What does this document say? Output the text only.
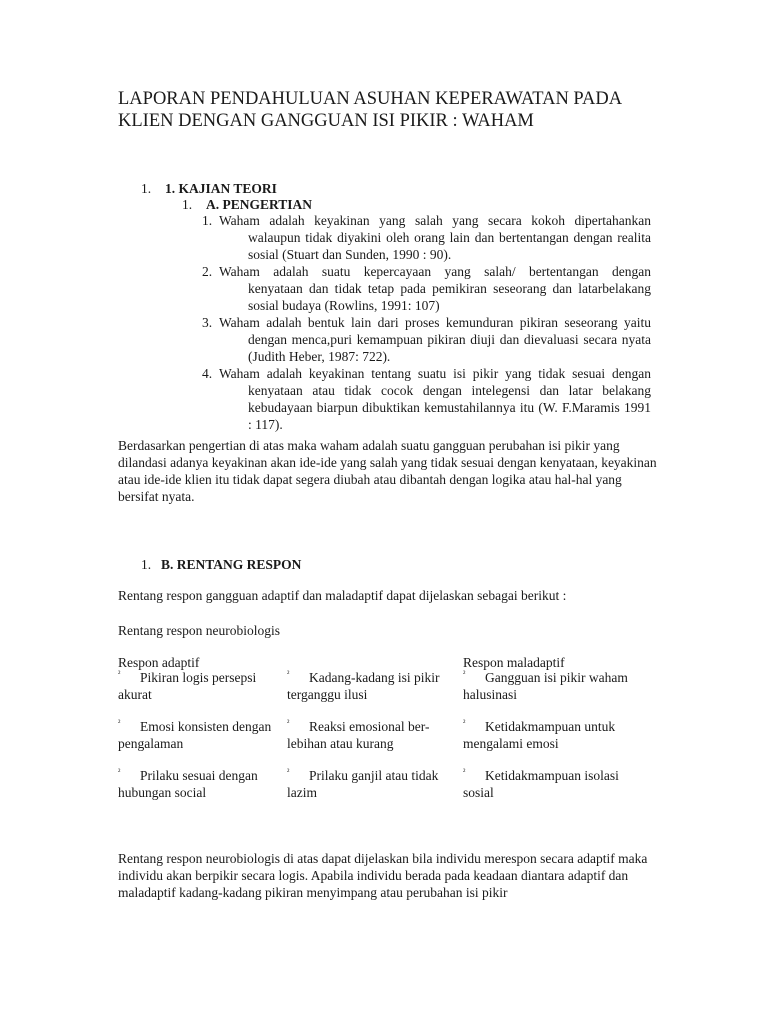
LAPORAN PENDAHULUAN ASUHAN KEPERAWATAN PADA
KLIEN DENGAN GANGGUAN ISI PIKIR : WAHAM
1. 1. KAJIAN TEORI
1. A. PENGERTIAN
1. Waham adalah keyakinan yang salah yang secara kokoh dipertahankan
walaupun tidak diyakini oleh orang lain dan bertentangan dengan realita sosial (Stuart dan Sunden, 1990 : 90).
2. Waham adalah suatu kepercayaan yang salah/ bertentangan dengan
kenyataan dan tidak tetap pada pemikiran seseorang dan latarbelakang sosial budaya (Rowlins, 1991: 107)
3. Waham adalah bentuk lain dari proses kemunduran pikiran seseorang yaitu
dengan menca,puri kemampuan pikiran diuji dan dievaluasi secara nyata (Judith Heber, 1987: 722).
4. Waham adalah keyakinan tentang suatu isi pikir yang tidak sesuai dengan
kenyataan atau tidak cocok dengan intelegensi dan latar belakang kebudayaan biarpun dibuktikan kemustahilannya itu (W. F.Maramis 1991 : 117).
Berdasarkan pengertian di atas maka waham adalah suatu gangguan perubahan isi pikir yang dilandasi adanya keyakinan akan ide-ide yang salah yang tidak sesuai dengan kenyataan, keyakinan atau ide-ide klien itu tidak dapat segera diubah atau dibantah dengan logika atau hal-hal yang bersifat nyata.
1. B. RENTANG RESPON
Rentang respon gangguan adaptif dan maladaptif dapat dijelaskan sebagai berikut :
Rentang respon neurobiologis
Respon adaptif	Respon maladaptif
² Pikiran logis persepsi akurat
² Kadang-kadang isi pikir terganggu ilusi
² Gangguan isi pikir waham halusinasi
² Emosi konsisten dengan pengalaman
² Reaksi emosional ber-lebihan atau kurang
² Ketidakmampuan untuk mengalami emosi
² Prilaku sesuai dengan hubungan social
² Prilaku ganjil atau tidak lazim
² Ketidakmampuan isolasi sosial
Rentang respon neurobiologis di atas dapat dijelaskan bila individu merespon secara adaptif maka individu akan berpikir secara logis. Apabila individu berada pada keadaan diantara adaptif dan maladaptif kadang-kadang pikiran menyimpang atau perubahan isi pikir
